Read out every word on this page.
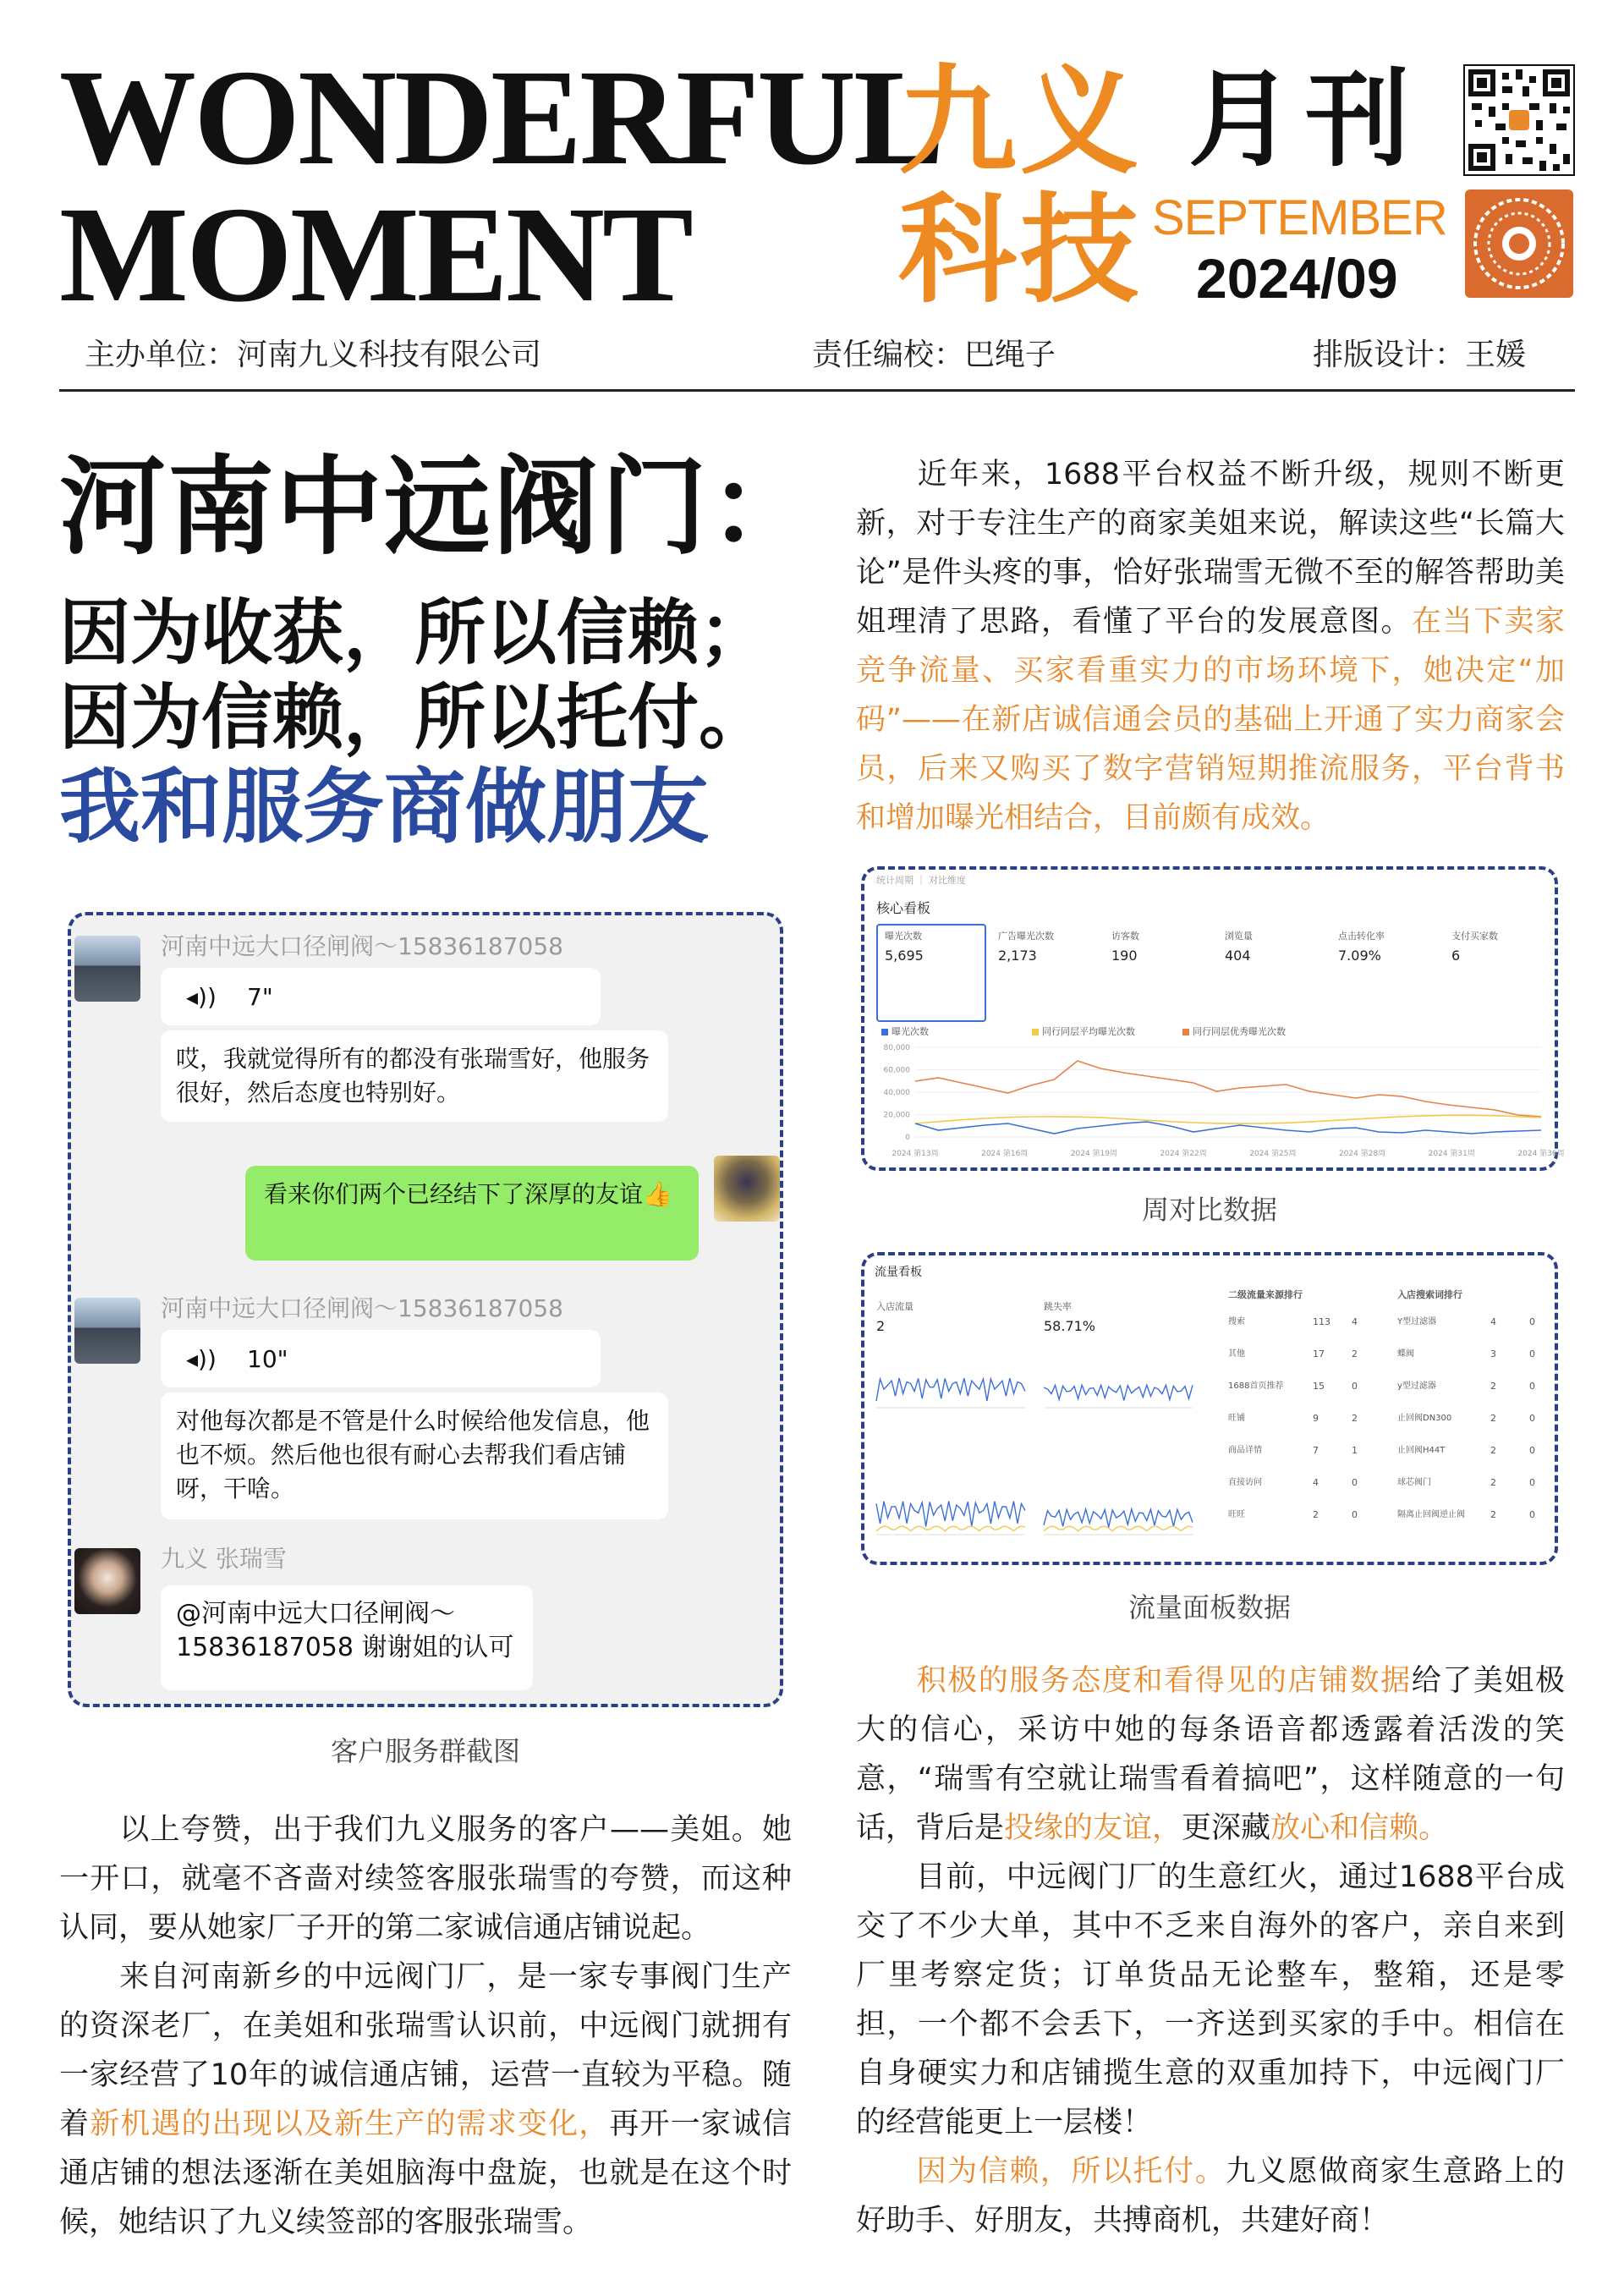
WONDERFUL
MOMENT
九义
科技
月刊
SEPTEMBER
2024/09
主办单位：河南九义科技有限公司	责任编校：巴绳子	排版设计：王媛
河南中远阀门：
因为收获，所以信赖；
因为信赖，所以托付。
我和服务商做朋友
河南中远大口径闸阀～15836187058
◂)) 7"
哎，我就觉得所有的都没有张瑞雪好，他服务很好，然后态度也特别好。
看来你们两个已经结下了深厚的友谊👍
河南中远大口径闸阀～15836187058
◂)) 10"
对他每次都是不管是什么时候给他发信息，他也不烦。然后他也很有耐心去帮我们看店铺呀，干啥。
九义 张瑞雪
@河南中远大口径闸阀～
15836187058 谢谢姐的认可
客户服务群截图

以上夸赞，出于我们九义服务的客户——美姐。她一开口，就毫不吝啬对续签客服张瑞雪的夸赞，而这种认同，要从她家厂子开的第二家诚信通店铺说起。

来自河南新乡的中远阀门厂，是一家专事阀门生产的资深老厂，在美姐和张瑞雪认识前，中远阀门就拥有一家经营了10年的诚信通店铺，运营一直较为平稳。随着新机遇的出现以及新生产的需求变化，再开一家诚信通店铺的想法逐渐在美姐脑海中盘旋，也就是在这个时候，她结识了九义续签部的客服张瑞雪。

近年来，1688平台权益不断升级，规则不断更新，对于专注生产的商家美姐来说，解读这些“长篇大论”是件头疼的事，恰好张瑞雪无微不至的解答帮助美姐理清了思路，看懂了平台的发展意图。在当下卖家竞争流量、买家看重实力的市场环境下，她决定“加码”——在新店诚信通会员的基础上开通了实力商家会员，后来又购买了数字营销短期推流服务，平台背书和增加曝光相结合，目前颇有成效。

统计周期 ｜ 对比维度
核心看板
曝光次数
5,695
广告曝光次数
2,173
访客数
190
浏览量
404
点击转化率
7.09%
支付买家数
6
曝光次数	同行同层平均曝光次数	同行同层优秀曝光次数
80,000
60,000
40,000
20,000
0
2024 第13周	2024 第16周	2024 第19周	2024 第22周	2024 第25周	2024 第28周	2024 第31周	2024 第36周
周对比数据
流量看板
入店流量
2
跳失率
58.71%
二级流量来源排行	入店搜索词排行
搜索	113 4
其他	17	2
1688首页推荐	15	0
旺铺	9	2
商品详情	7	1
直接访问	4	0
旺旺	2	0
Y型过滤器	4	0
蝶阀	3	0
y型过滤器	2	0
止回阀DN300	2	0
止回阀H44T	2	0
球芯阀门	2	0
隔离止回阀逆止阀	2	0
流量面板数据

积极的服务态度和看得见的店铺数据给了美姐极大的信心，采访中她的每条语音都透露着活泼的笑意，“瑞雪有空就让瑞雪看着搞吧”，这样随意的一句话，背后是投缘的友谊，更深藏放心和信赖。

目前，中远阀门厂的生意红火，通过1688平台成交了不少大单，其中不乏来自海外的客户，亲自来到厂里考察定货；订单货品无论整车，整箱，还是零担，一个都不会丢下，一齐送到买家的手中。相信在自身硬实力和店铺揽生意的双重加持下，中远阀门厂的经营能更上一层楼！

因为信赖，所以托付。九义愿做商家生意路上的好助手、好朋友，共搏商机，共建好商！
